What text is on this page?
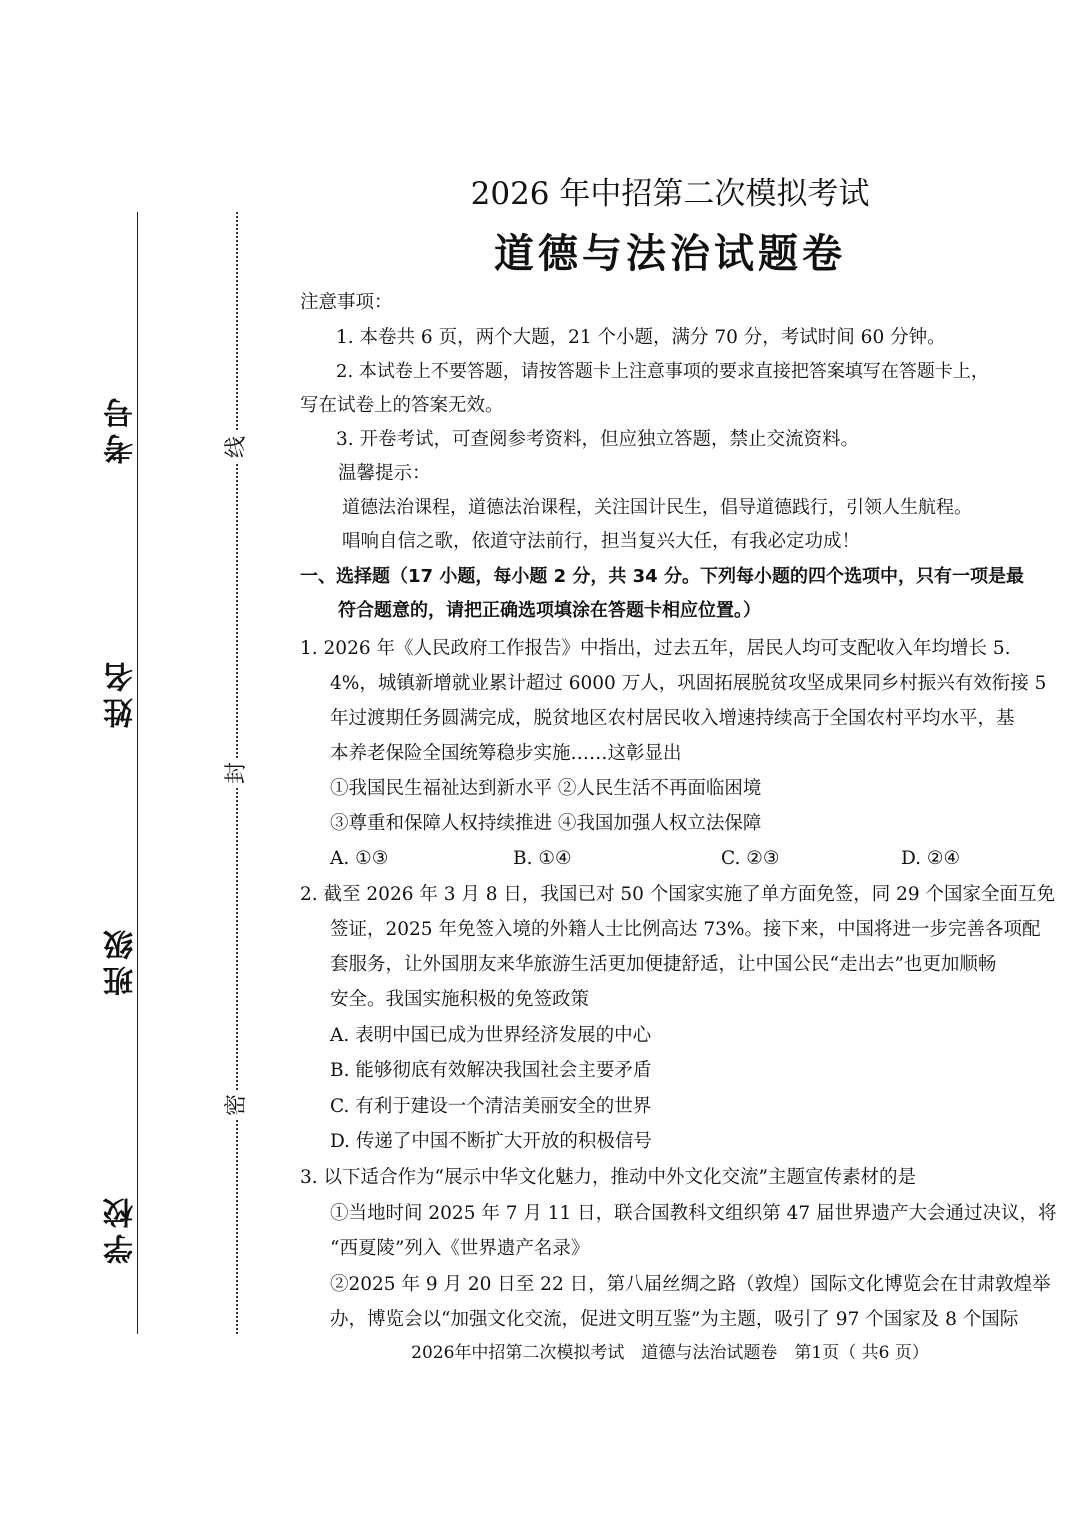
考号
姓名
班级
学校
线
封
密
2026 年中招第二次模拟考试
道德与法治试题卷
注意事项：
1. 本卷共 6 页，两个大题，21 个小题，满分 70 分，考试时间 60 分钟。
2. 本试卷上不要答题，请按答题卡上注意事项的要求直接把答案填写在答题卡上，
写在试卷上的答案无效。
3. 开卷考试，可查阅参考资料，但应独立答题，禁止交流资料。
温馨提示：
道德法治课程，道德法治课程，关注国计民生，倡导道德践行，引领人生航程。
唱响自信之歌，依道守法前行，担当复兴大任，有我必定功成！
一、选择题（17 小题，每小题 2 分，共 34 分。下列每小题的四个选项中，只有一项是最
符合题意的，请把正确选项填涂在答题卡相应位置。）
1. 2026 年《人民政府工作报告》中指出，过去五年，居民人均可支配收入年均增长 5.
4%，城镇新增就业累计超过 6000 万人，巩固拓展脱贫攻坚成果同乡村振兴有效衔接 5
年过渡期任务圆满完成，脱贫地区农村居民收入增速持续高于全国农村平均水平，基
本养老保险全国统筹稳步实施……这彰显出
①我国民生福祉达到新水平 ②人民生活不再面临困境
③尊重和保障人权持续推进 ④我国加强人权立法保障
A. ①③	B. ①④	C. ②③	D. ②④
2. 截至 2026 年 3 月 8 日，我国已对 50 个国家实施了单方面免签，同 29 个国家全面互免
签证，2025 年免签入境的外籍人士比例高达 73%。接下来，中国将进一步完善各项配
套服务，让外国朋友来华旅游生活更加便捷舒适，让中国公民“走出去”也更加顺畅
安全。我国实施积极的免签政策
A. 表明中国已成为世界经济发展的中心
B. 能够彻底有效解决我国社会主要矛盾
C. 有利于建设一个清洁美丽安全的世界
D. 传递了中国不断扩大开放的积极信号
3. 以下适合作为“展示中华文化魅力，推动中外文化交流”主题宣传素材的是
①当地时间 2025 年 7 月 11 日，联合国教科文组织第 47 届世界遗产大会通过决议，将
“西夏陵”列入《世界遗产名录》
②2025 年 9 月 20 日至 22 日，第八届丝绸之路（敦煌）国际文化博览会在甘肃敦煌举
办，博览会以“加强文化交流，促进文明互鉴”为主题，吸引了 97 个国家及 8 个国际
2026年中招第二次模拟考试　道德与法治试题卷　第1页（ 共6 页）
